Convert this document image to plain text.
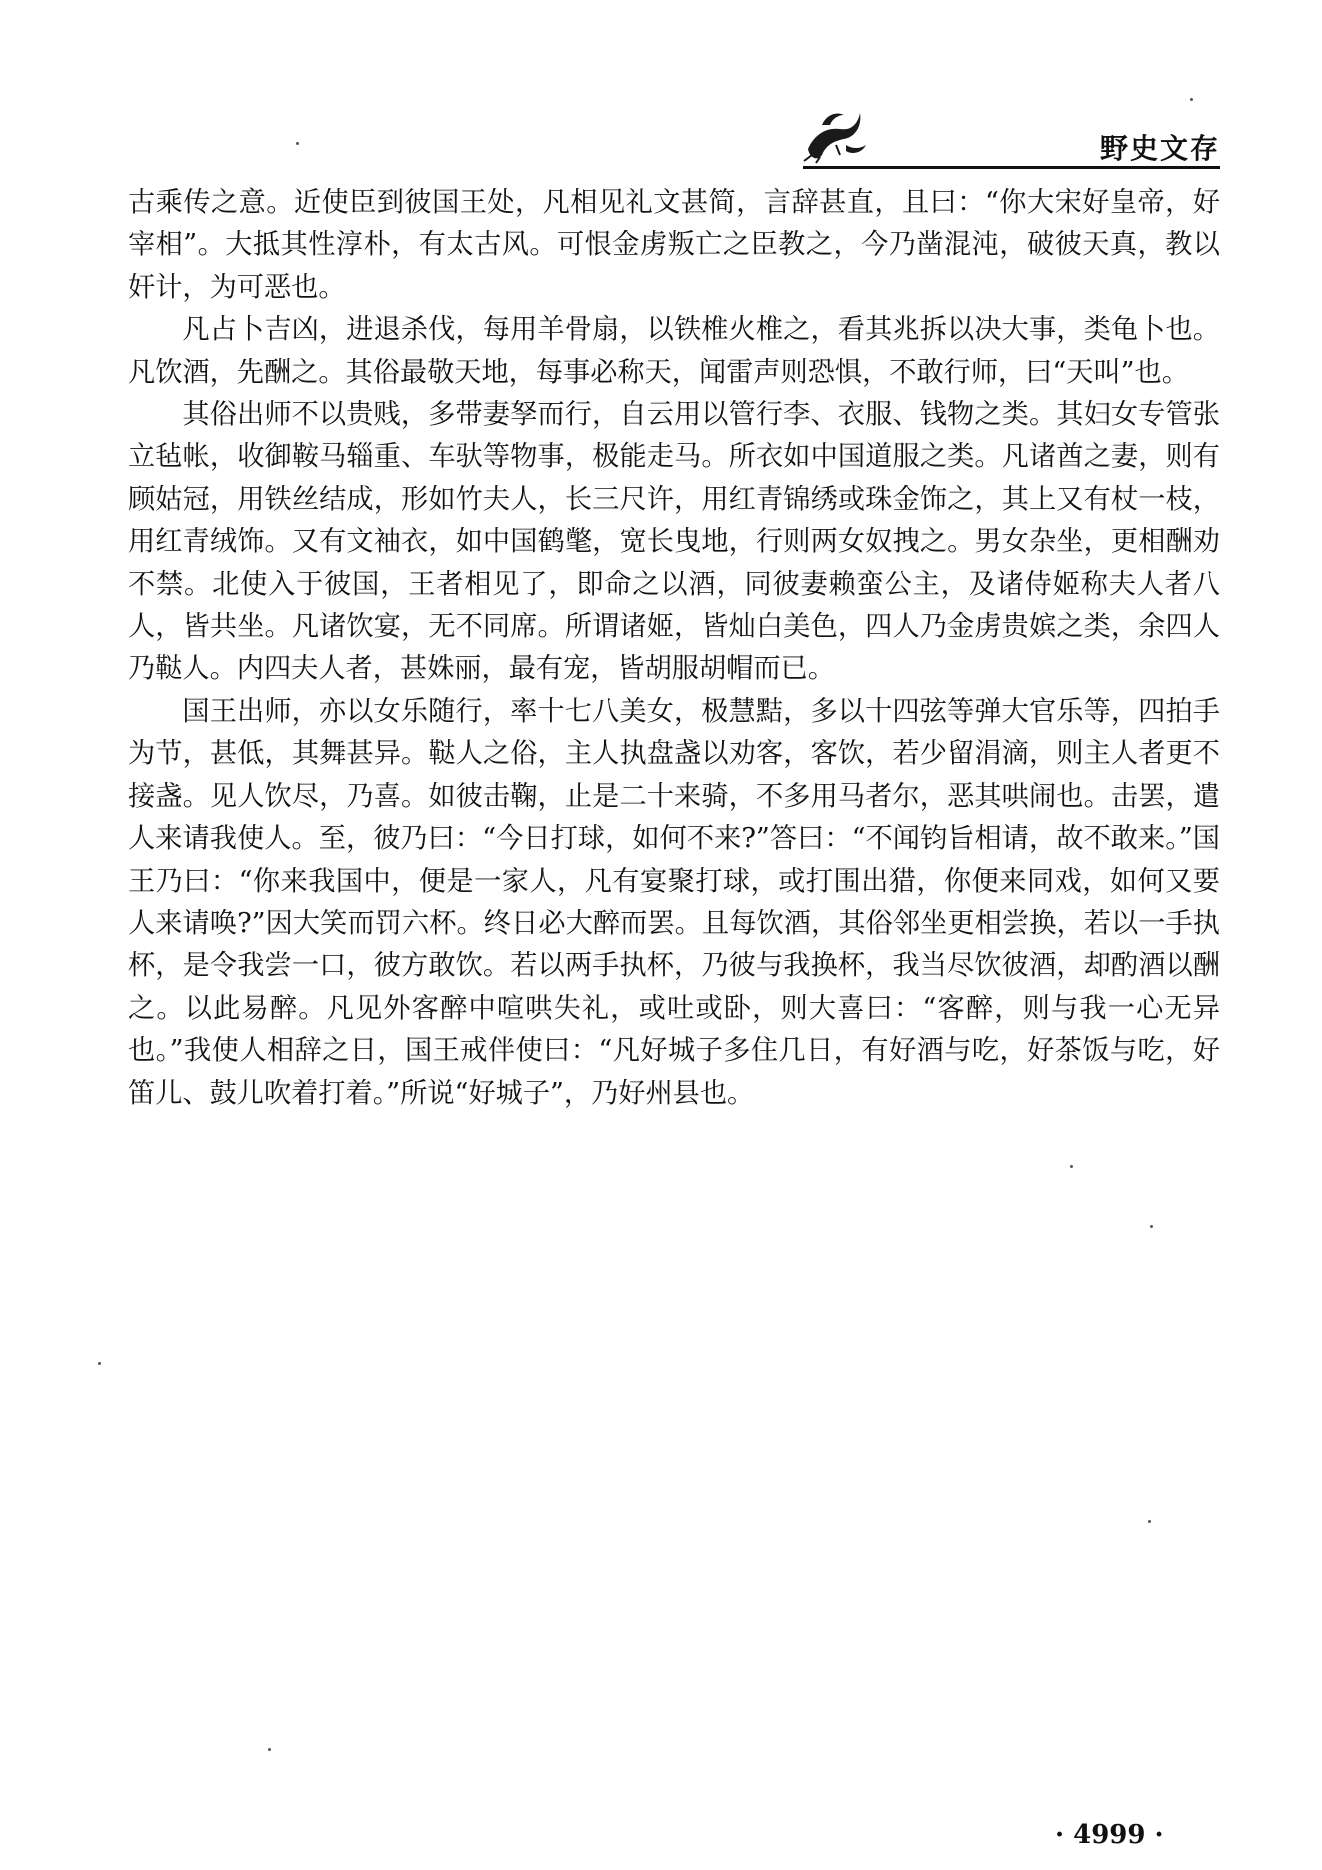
野史文存

古乘传之意。近使臣到彼国王处，凡相见礼文甚简，言辞甚直，且曰：“你大宋好皇帝，好宰相”。大抵其性淳朴，有太古风。可恨金虏叛亡之臣教之，今乃凿混沌，破彼天真，教以奸计，为可恶也。

凡占卜吉凶，进退杀伐，每用羊骨扇，以铁椎火椎之，看其兆拆以决大事，类龟卜也。凡饮酒，先酬之。其俗最敬天地，每事必称天，闻雷声则恐惧，不敢行师，曰“天叫”也。

其俗出师不以贵贱，多带妻孥而行，自云用以管行李、衣服、钱物之类。其妇女专管张立毡帐，收御鞍马辎重、车驮等物事，极能走马。所衣如中国道服之类。凡诸酋之妻，则有顾姑冠，用铁丝结成，形如竹夫人，长三尺许，用红青锦绣或珠金饰之，其上又有杖一枝，用红青绒饰。又有文袖衣，如中国鹤氅，宽长曳地，行则两女奴拽之。男女杂坐，更相酬劝不禁。北使入于彼国，王者相见了，即命之以酒，同彼妻赖蛮公主，及诸侍姬称夫人者八人，皆共坐。凡诸饮宴，无不同席。所谓诸姬，皆灿白美色，四人乃金虏贵嫔之类，余四人乃鞑人。内四夫人者，甚姝丽，最有宠，皆胡服胡帽而已。

国王出师，亦以女乐随行，率十七八美女，极慧黠，多以十四弦等弹大官乐等，四拍手为节，甚低，其舞甚异。鞑人之俗，主人执盘盏以劝客，客饮，若少留涓滴，则主人者更不接盏。见人饮尽，乃喜。如彼击鞠，止是二十来骑，不多用马者尔，恶其哄闹也。击罢，遣人来请我使人。至，彼乃曰：“今日打球，如何不来?”答曰：“不闻钧旨相请，故不敢来。”国王乃曰：“你来我国中，便是一家人，凡有宴聚打球，或打围出猎，你便来同戏，如何又要人来请唤?”因大笑而罚六杯。终日必大醉而罢。且每饮酒，其俗邻坐更相尝换，若以一手执杯，是令我尝一口，彼方敢饮。若以两手执杯，乃彼与我换杯，我当尽饮彼酒，却酌酒以酬之。以此易醉。凡见外客醉中喧哄失礼，或吐或卧，则大喜曰：“客醉，则与我一心无异也。”我使人相辞之日，国王戒伴使曰：“凡好城子多住几日，有好酒与吃，好茶饭与吃，好笛儿、鼓儿吹着打着。”所说“好城子”，乃好州县也。

· 4999 ·
